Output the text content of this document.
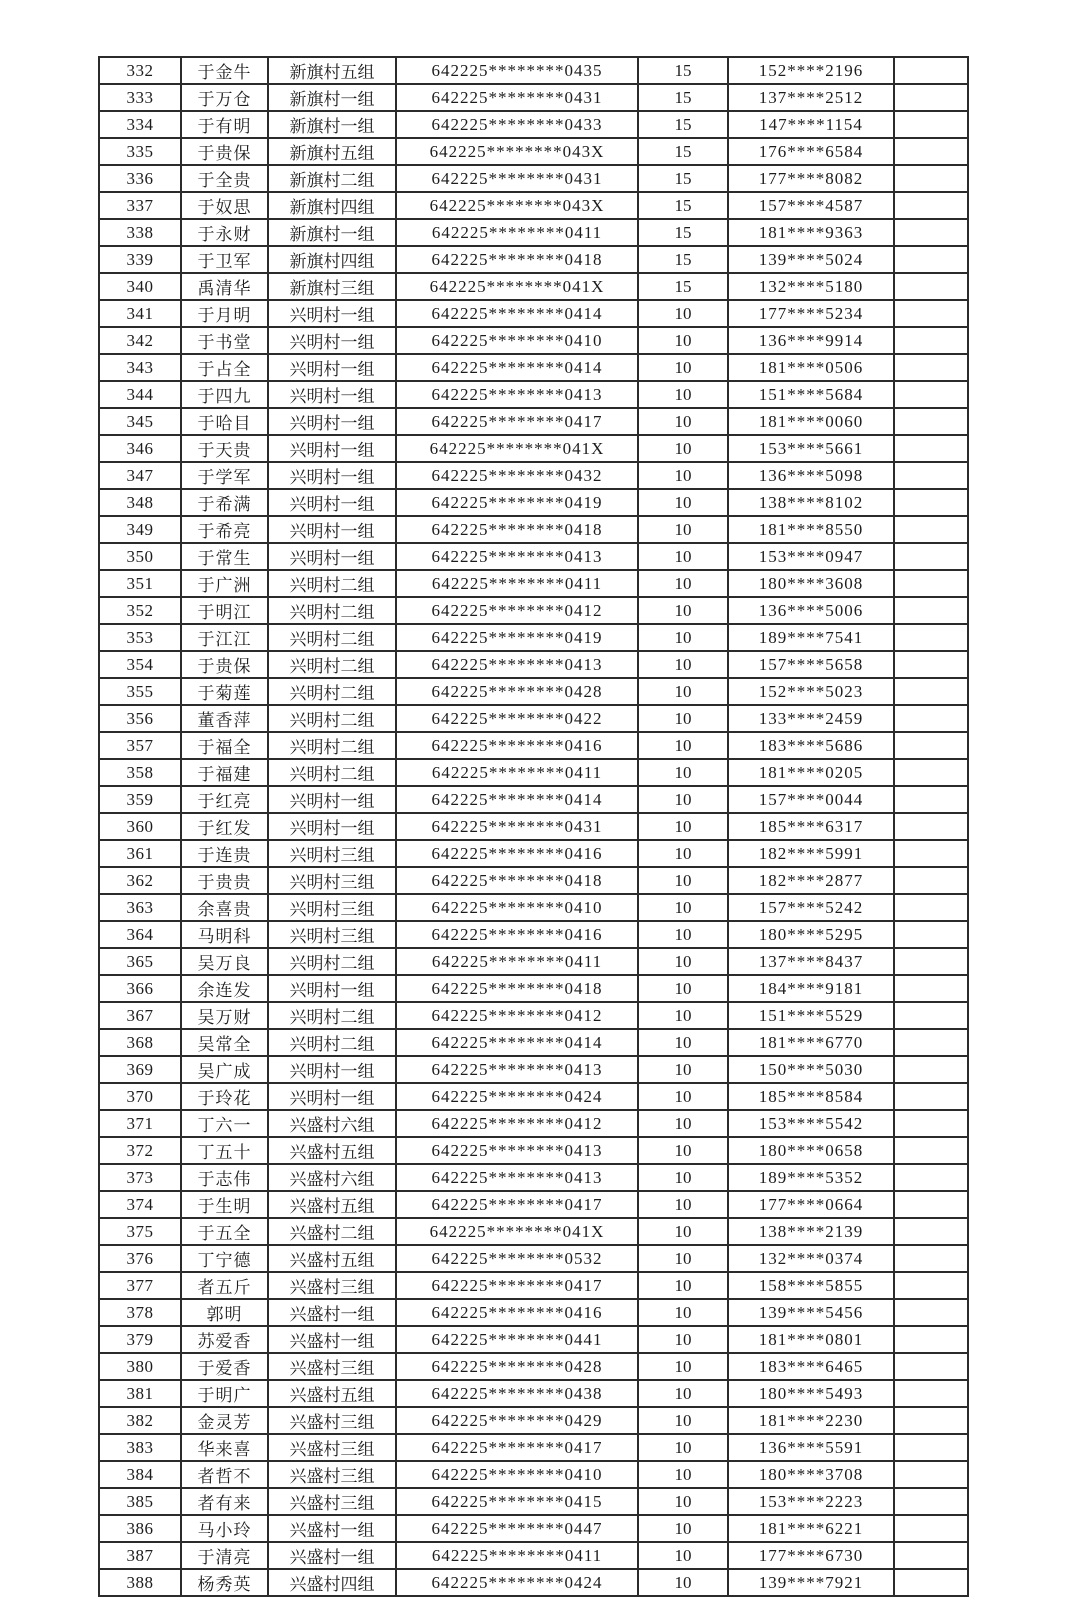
332	于金牛	新旗村五组	642225********0435	15	152****2196	
333	于万仓	新旗村一组	642225********0431	15	137****2512	
334	于有明	新旗村一组	642225********0433	15	147****1154	
335	于贵保	新旗村五组	642225********043X	15	176****6584	
336	于全贵	新旗村二组	642225********0431	15	177****8082	
337	于奴思	新旗村四组	642225********043X	15	157****4587	
338	于永财	新旗村一组	642225********0411	15	181****9363	
339	于卫军	新旗村四组	642225********0418	15	139****5024	
340	禹清华	新旗村三组	642225********041X	15	132****5180	
341	于月明	兴明村一组	642225********0414	10	177****5234	
342	于书堂	兴明村一组	642225********0410	10	136****9914	
343	于占全	兴明村一组	642225********0414	10	181****0506	
344	于四九	兴明村一组	642225********0413	10	151****5684	
345	于哈目	兴明村一组	642225********0417	10	181****0060	
346	于天贵	兴明村一组	642225********041X	10	153****5661	
347	于学军	兴明村一组	642225********0432	10	136****5098	
348	于希满	兴明村一组	642225********0419	10	138****8102	
349	于希亮	兴明村一组	642225********0418	10	181****8550	
350	于常生	兴明村一组	642225********0413	10	153****0947	
351	于广洲	兴明村二组	642225********0411	10	180****3608	
352	于明江	兴明村二组	642225********0412	10	136****5006	
353	于江江	兴明村二组	642225********0419	10	189****7541	
354	于贵保	兴明村二组	642225********0413	10	157****5658	
355	于菊莲	兴明村二组	642225********0428	10	152****5023	
356	董香萍	兴明村二组	642225********0422	10	133****2459	
357	于福全	兴明村二组	642225********0416	10	183****5686	
358	于福建	兴明村二组	642225********0411	10	181****0205	
359	于红亮	兴明村一组	642225********0414	10	157****0044	
360	于红发	兴明村一组	642225********0431	10	185****6317	
361	于连贵	兴明村三组	642225********0416	10	182****5991	
362	于贵贵	兴明村三组	642225********0418	10	182****2877	
363	余喜贵	兴明村三组	642225********0410	10	157****5242	
364	马明科	兴明村三组	642225********0416	10	180****5295	
365	吴万良	兴明村二组	642225********0411	10	137****8437	
366	余连发	兴明村一组	642225********0418	10	184****9181	
367	吴万财	兴明村二组	642225********0412	10	151****5529	
368	吴常全	兴明村二组	642225********0414	10	181****6770	
369	吴广成	兴明村一组	642225********0413	10	150****5030	
370	于玲花	兴明村一组	642225********0424	10	185****8584	
371	丁六一	兴盛村六组	642225********0412	10	153****5542	
372	丁五十	兴盛村五组	642225********0413	10	180****0658	
373	于志伟	兴盛村六组	642225********0413	10	189****5352	
374	于生明	兴盛村五组	642225********0417	10	177****0664	
375	于五全	兴盛村二组	642225********041X	10	138****2139	
376	丁宁德	兴盛村五组	642225********0532	10	132****0374	
377	者五斤	兴盛村三组	642225********0417	10	158****5855	
378	郭明	兴盛村一组	642225********0416	10	139****5456	
379	苏爱香	兴盛村一组	642225********0441	10	181****0801	
380	于爱香	兴盛村三组	642225********0428	10	183****6465	
381	于明广	兴盛村五组	642225********0438	10	180****5493	
382	金灵芳	兴盛村三组	642225********0429	10	181****2230	
383	华来喜	兴盛村三组	642225********0417	10	136****5591	
384	者哲不	兴盛村三组	642225********0410	10	180****3708	
385	者有来	兴盛村三组	642225********0415	10	153****2223	
386	马小玲	兴盛村一组	642225********0447	10	181****6221	
387	于清亮	兴盛村一组	642225********0411	10	177****6730	
388	杨秀英	兴盛村四组	642225********0424	10	139****7921	
